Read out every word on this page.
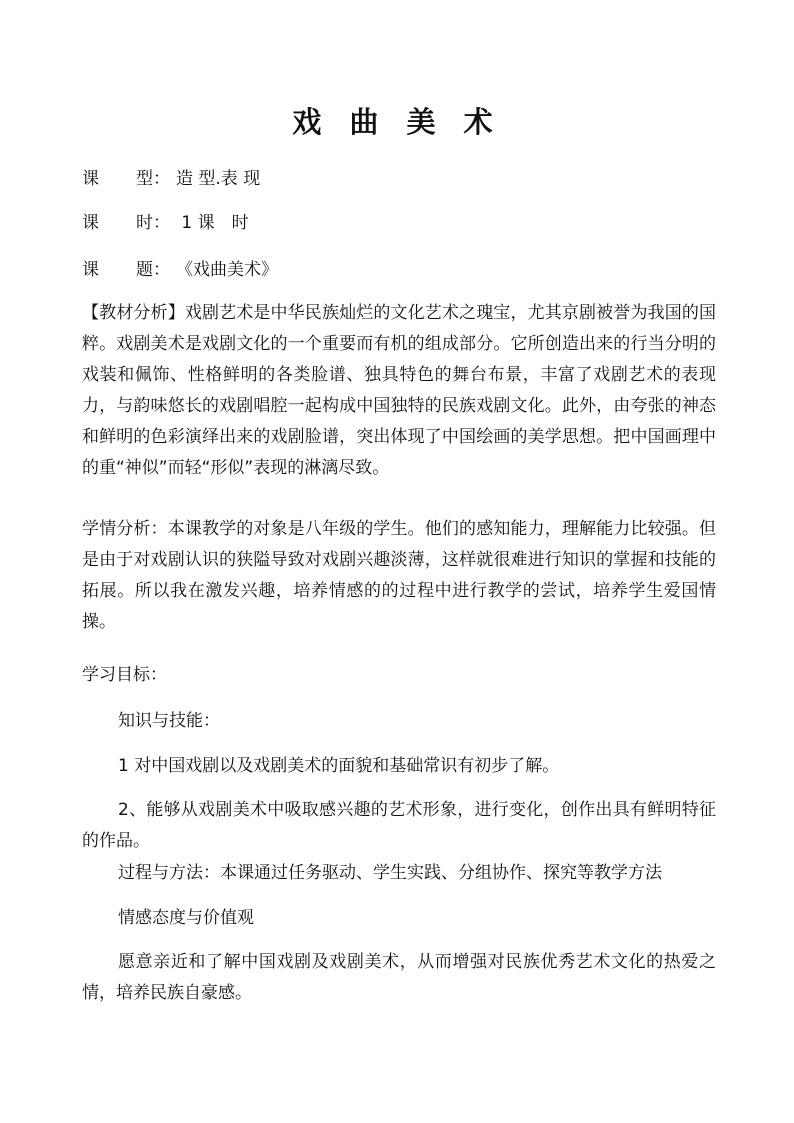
戏 曲 美 术
课 型： 造 型.表 现
课 时： 1 课　时
课 题： 《戏曲美术》
【教材分析】戏剧艺术是中华民族灿烂的文化艺术之瑰宝，尤其京剧被誉为我国的国粹。戏剧美术是戏剧文化的一个重要而有机的组成部分。它所创造出来的行当分明的戏装和佩饰、性格鲜明的各类脸谱、独具特色的舞台布景，丰富了戏剧艺术的表现力，与韵味悠长的戏剧唱腔一起构成中国独特的民族戏剧文化。此外，由夸张的神态和鲜明的色彩演绎出来的戏剧脸谱，突出体现了中国绘画的美学思想。把中国画理中的重“神似”而轻“形似”表现的淋漓尽致。
学情分析：本课教学的对象是八年级的学生。他们的感知能力，理解能力比较强。但是由于对戏剧认识的狭隘导致对戏剧兴趣淡薄，这样就很难进行知识的掌握和技能的拓展。所以我在激发兴趣，培养情感的的过程中进行教学的尝试，培养学生爱国情操。
学习目标：
知识与技能：
1 对中国戏剧以及戏剧美术的面貌和基础常识有初步了解。
2、能够从戏剧美术中吸取感兴趣的艺术形象，进行变化，创作出具有鲜明特征的作品。
过程与方法：本课通过任务驱动、学生实践、分组协作、探究等教学方法
情感态度与价值观
愿意亲近和了解中国戏剧及戏剧美术，从而增强对民族优秀艺术文化的热爱之情，培养民族自豪感。
